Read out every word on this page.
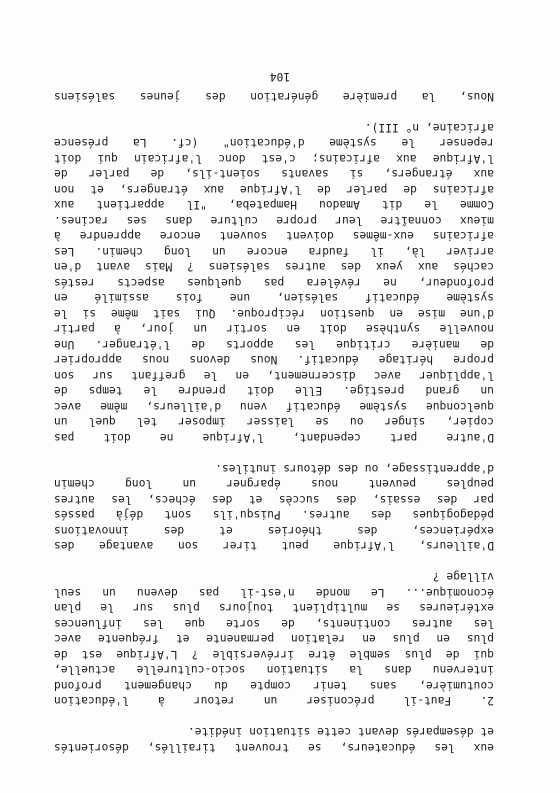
eux les éducateurs, se trouvent tiraillés, désorientés
et désemparés devant cette situation inédite.
2. Faut-il préconiser un retour à l'éducation
coutumière, sans tenir compte du changement profond
intervenu dans la situation socio-culturelle actuelle,
qui de plus semble être irréversible ? L'Afrique est de
plus en plus en relation permanente et fréquente avec
les autres continents, de sorte que les influences
extérieures se multiplient toujours plus sur le plan
économique... Le monde n'est-il pas devenu un seul
village ?
D'ailleurs, l'Afrique peut tirer son avantage des
expériences, des théories et des innovations
pédagogiques des autres. Puisqu'ils sont déjà passés
par des essais, des succès et des échecs, les autres
peuples peuvent nous épargner un long chemin
d'apprentissage, ou des détours inutiles.
D'autre part cependant, l'Afrique ne doit pas
copier, singer ou se laisser imposer tel quel un
quelconque système éducatif venu d'ailleurs, même avec
un grand prestige. Elle doit prendre le temps de
l'appliquer avec discernement, en le greffant sur son
propre héritage éducatif. Nous devons nous approprier
de manière critique les apports de l'étranger. Une
nouvelle synthèse doit en sortir un jour, à partir
d'une mise en question réciproque. Qui sait même si le
système éducatif salésien, une fois assimilé en
profondeur, ne révélera pas quelques aspects restés
cachés aux yeux des autres salésiens ? Mais avant d'en
arriver là, il faudra encore un long chemin. Les
africains eux-mêmes doivent souvent encore apprendre à
mieux connaître leur propre culture dans ses racines.
Comme le dit Amadou Hampateba, "Il appartient aux
africains de parler de l'Afrique aux étrangers, et non
aux étrangers, si savants soient-ils, de parler de
l'Afrique aux africains; c'est donc l'africain qui doit
repenser le système d'éducation" (cf. La présence
africaine, n° III).
Nous, la première génération des jeunes salésiens
104
